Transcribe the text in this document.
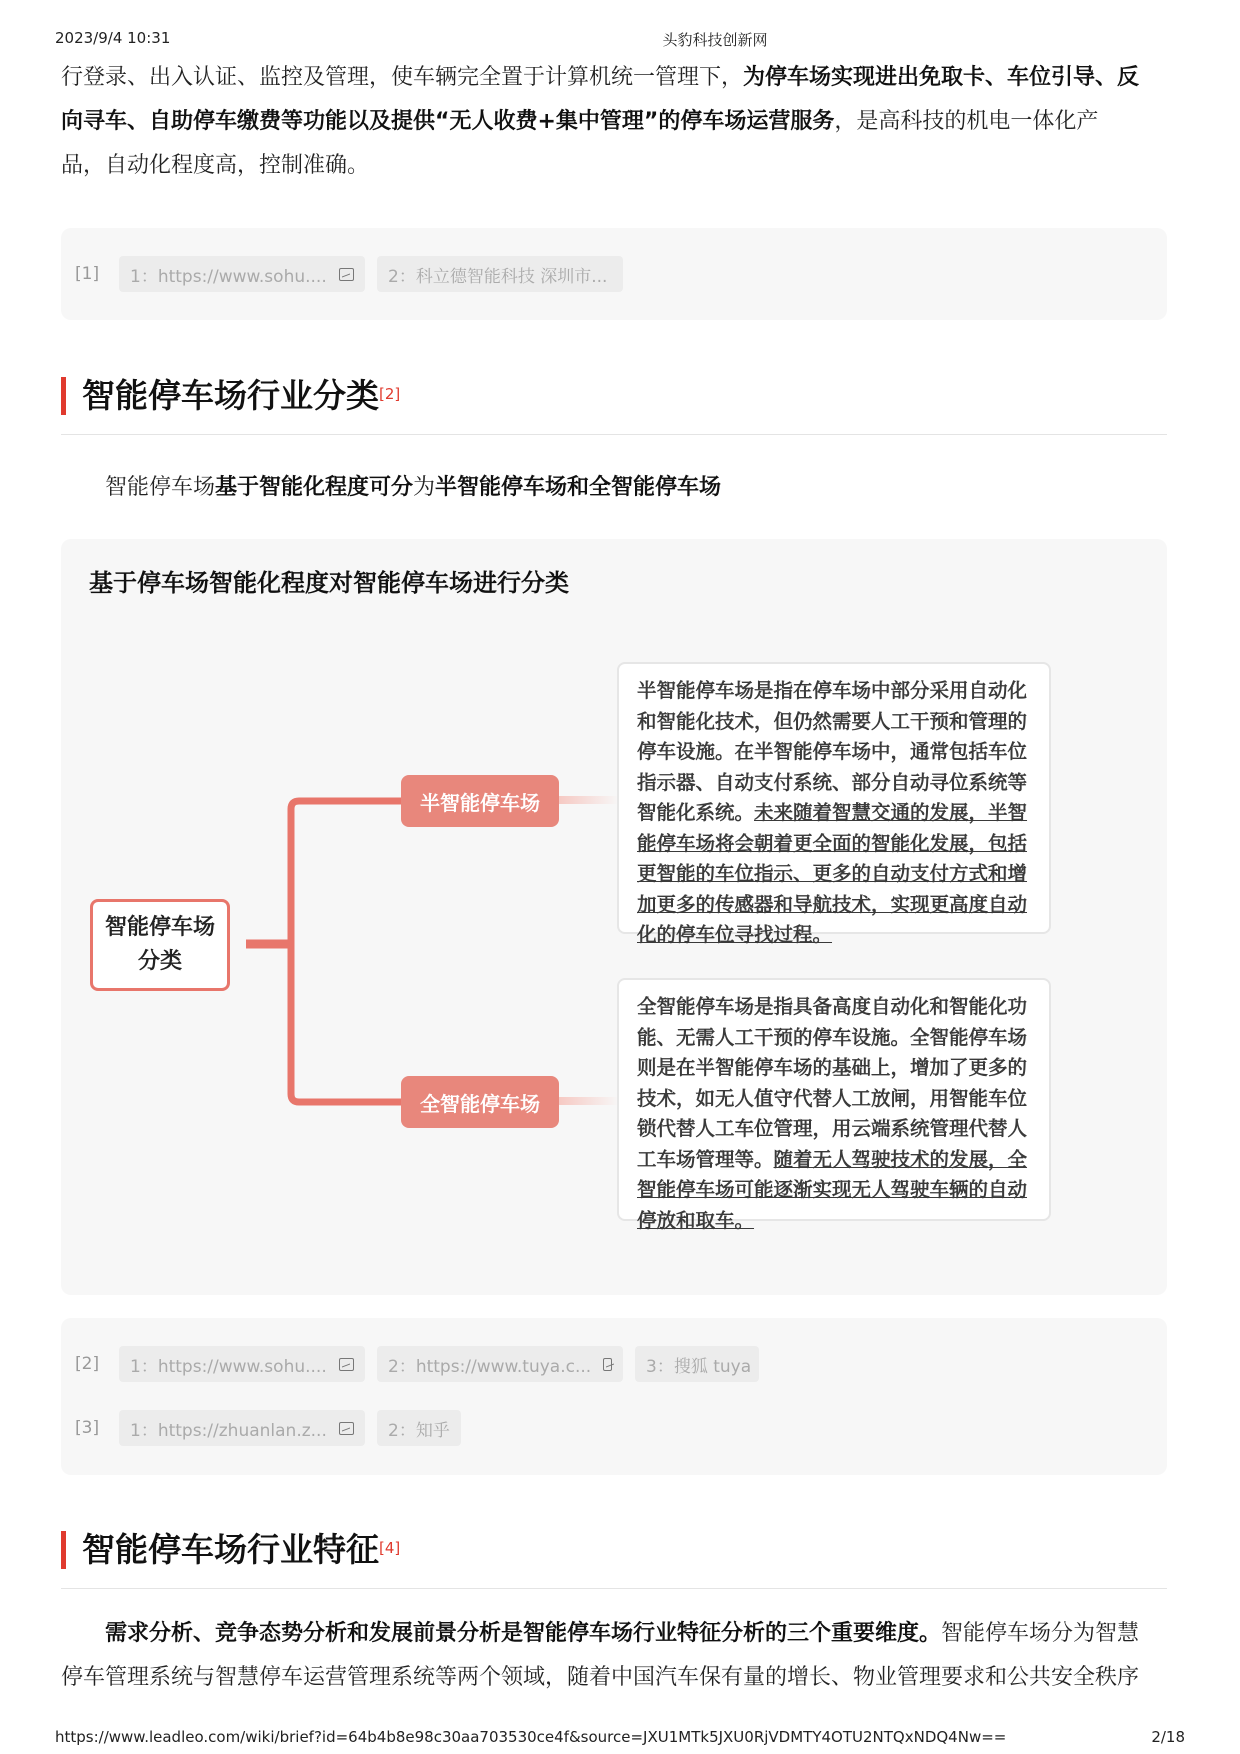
2023/9/4 10:31	头豹科技创新网
行登录、出入认证、监控及管理，使车辆完全置于计算机统一管理下，为停车场实现进出免取卡、车位引导、反
向寻车、自助停车缴费等功能以及提供“无人收费+集中管理”的停车场运营服务，是高科技的机电一体化产
品，自动化程度高，控制准确。
[1]	1：https://www.sohu....	2：科立德智能科技 深圳市...
智能停车场行业分类[2]
智能停车场基于智能化程度可分为半智能停车场和全智能停车场
基于停车场智能化程度对智能停车场进行分类
智能停车场分类
半智能停车场
全智能停车场
半智能停车场是指在停车场中部分采用自动化和智能化技术，但仍然需要人工干预和管理的停车设施。在半智能停车场中，通常包括车位指示器、自动支付系统、部分自动寻位系统等智能化系统。未来随着智慧交通的发展，半智能停车场将会朝着更全面的智能化发展，包括更智能的车位指示、更多的自动支付方式和增加更多的传感器和导航技术，实现更高度自动化的停车位寻找过程。
全智能停车场是指具备高度自动化和智能化功能、无需人工干预的停车设施。全智能停车场则是在半智能停车场的基础上，增加了更多的技术，如无人值守代替人工放闸，用智能车位锁代替人工车位管理，用云端系统管理代替人工车场管理等。随着无人驾驶技术的发展，全智能停车场可能逐渐实现无人驾驶车辆的自动停放和取车。
[2]	1：https://www.sohu....	2：https://www.tuya.c...	3：搜狐 tuya
[3]	1：https://zhuanlan.z...	2：知乎
智能停车场行业特征[4]
需求分析、竞争态势分析和发展前景分析是智能停车场行业特征分析的三个重要维度。智能停车场分为智慧
停车管理系统与智慧停车运营管理系统等两个领域，随着中国汽车保有量的增长、物业管理要求和公共安全秩序
https://www.leadleo.com/wiki/brief?id=64b4b8e98c30aa703530ce4f&source=JXU1MTk5JXU0RjVDMTY4OTU2NTQxNDQ4Nw==	2/18
